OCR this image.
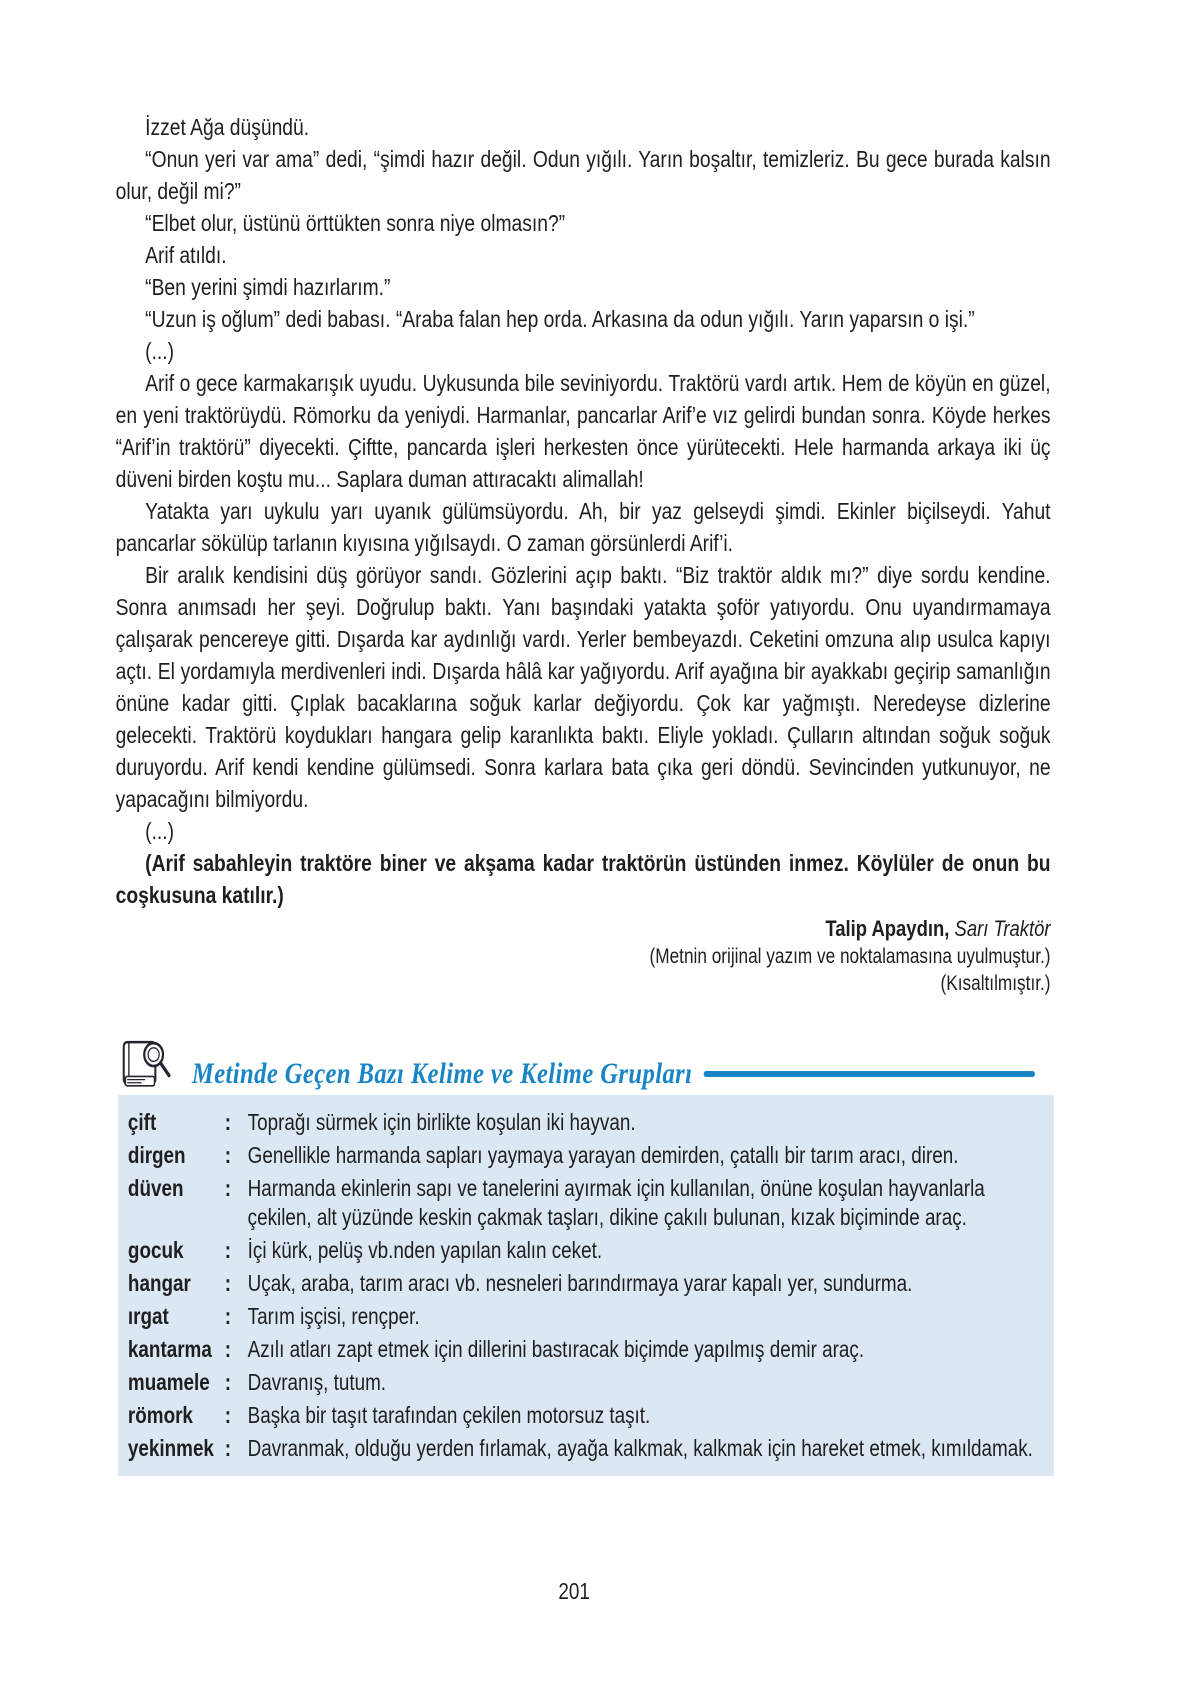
İzzet Ağa düşündü.

“Onun yeri var ama” dedi, “şimdi hazır değil. Odun yığılı. Yarın boşaltır, temizleriz. Bu gece burada kalsın olur, değil mi?”

“Elbet olur, üstünü örttükten sonra niye olmasın?”

Arif atıldı.

“Ben yerini şimdi hazırlarım.”

“Uzun iş oğlum” dedi babası. “Araba falan hep orda. Arkasına da odun yığılı. Yarın yaparsın o işi.”

(...)

Arif o gece karmakarışık uyudu. Uykusunda bile seviniyordu. Traktörü vardı artık. Hem de köyün en güzel, en yeni traktörüydü. Römorku da yeniydi. Harmanlar, pancarlar Arif’e vız gelirdi bundan sonra. Köyde herkes “Arif’in traktörü” diyecekti. Çiftte, pancarda işleri herkesten önce yürütecekti. Hele harmanda arkaya iki üç düveni birden koştu mu... Saplara duman attıracaktı alimallah!

Yatakta yarı uykulu yarı uyanık gülümsüyordu. Ah, bir yaz gelseydi şimdi. Ekinler biçilseydi. Yahut pancarlar sökülüp tarlanın kıyısına yığılsaydı. O zaman görsünlerdi Arif’i.

Bir aralık kendisini düş görüyor sandı. Gözlerini açıp baktı. “Biz traktör aldık mı?” diye sordu kendine. Sonra anımsadı her şeyi. Doğrulup baktı. Yanı başındaki yatakta şoför yatıyordu. Onu uyandırmamaya çalışarak pencereye gitti. Dışarda kar aydınlığı vardı. Yerler bembeyazdı. Ceketini omzuna alıp usulca kapıyı açtı. El yordamıyla merdivenleri indi. Dışarda hâlâ kar yağıyordu. Arif ayağına bir ayakkabı geçirip samanlığın önüne kadar gitti. Çıplak bacaklarına soğuk karlar değiyordu. Çok kar yağmıştı. Neredeyse dizlerine gelecekti. Traktörü koydukları hangara gelip karanlıkta baktı. Eliyle yokladı. Çulların altından soğuk soğuk duruyordu. Arif kendi kendine gülümsedi. Sonra karlara bata çıka geri döndü. Sevincinden yutkunuyor, ne yapacağını bilmiyordu.

(...)

(Arif sabahleyin traktöre biner ve akşama kadar traktörün üstünden inmez. Köylüler de onun bu coşkusuna katılır.)

Talip Apaydın, Sarı Traktör
(Metnin orijinal yazım ve noktalamasına uyulmuştur.)
(Kısaltılmıştır.)
Metinde Geçen Bazı Kelime ve Kelime Grupları
çift	: Toprağı sürmek için birlikte koşulan iki hayvan.
dirgen	: Genellikle harmanda sapları yaymaya yarayan demirden, çatallı bir tarım aracı, diren.
düven	: Harmanda ekinlerin sapı ve tanelerini ayırmak için kullanılan, önüne koşulan hayvanlarla çekilen, alt yüzünde keskin çakmak taşları, dikine çakılı bulunan, kızak biçiminde araç.
gocuk	: İçi kürk, pelüş vb.nden yapılan kalın ceket.
hangar	: Uçak, araba, tarım aracı vb. nesneleri barındırmaya yarar kapalı yer, sundurma.
ırgat	: Tarım işçisi, rençper.
kantarma : Azılı atları zapt etmek için dillerini bastıracak biçimde yapılmış demir araç.
muamele : Davranış, tutum.
römork	: Başka bir taşıt tarafından çekilen motorsuz taşıt.
yekinmek : Davranmak, olduğu yerden fırlamak, ayağa kalkmak, kalkmak için hareket etmek, kımıldamak.
201
